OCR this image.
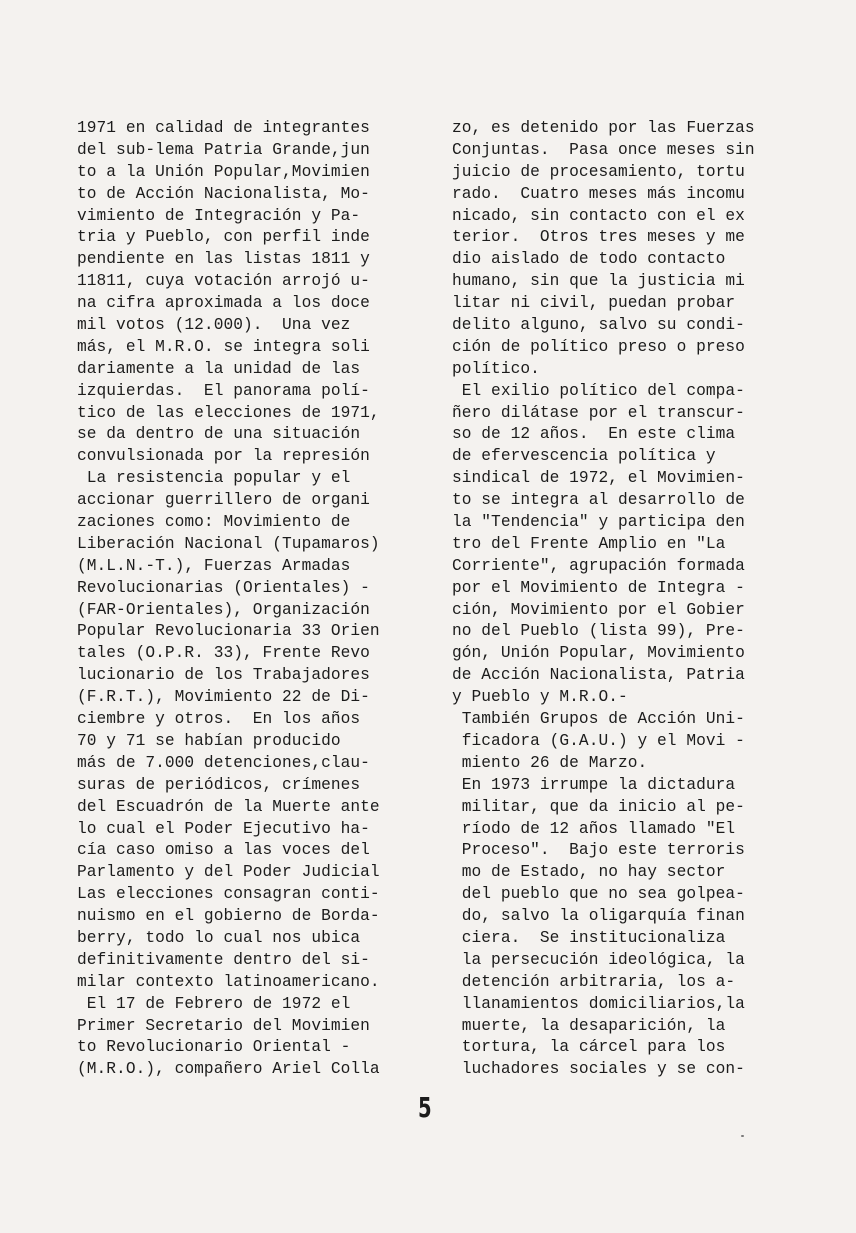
1971 en calidad de integrantes
del sub-lema Patria Grande,jun
to a la Unión Popular,Movimien
to de Acción Nacionalista, Mo-
vimiento de Integración y Pa-
tria y Pueblo, con perfil inde
pendiente en las listas 1811 y
11811, cuya votación arrojó u-
na cifra aproximada a los doce
mil votos (12.000).  Una vez
más, el M.R.O. se integra soli
dariamente a la unidad de las
izquierdas.  El panorama polí-
tico de las elecciones de 1971,
se da dentro de una situación
convulsionada por la represión
La resistencia popular y el
accionar guerrillero de organi
zaciones como: Movimiento de
Liberación Nacional (Tupamaros)
(M.L.N.-T.), Fuerzas Armadas
Revolucionarias (Orientales) -
(FAR-Orientales), Organización
Popular Revolucionaria 33 Orien
tales (O.P.R. 33), Frente Revo
lucionario de los Trabajadores
(F.R.T.), Movimiento 22 de Di-
ciembre y otros.  En los años
70 y 71 se habían producido
más de 7.000 detenciones,clau-
suras de periódicos, crímenes
del Escuadrón de la Muerte ante
lo cual el Poder Ejecutivo ha-
cía caso omiso a las voces del
Parlamento y del Poder Judicial
Las elecciones consagran conti-
nuismo en el gobierno de Borda-
berry, todo lo cual nos ubica
definitivamente dentro del si-
milar contexto latinoamericano.
El 17 de Febrero de 1972 el
Primer Secretario del Movimien
to Revolucionario Oriental -
(M.R.O.), compañero Ariel Colla
zo, es detenido por las Fuerzas
Conjuntas.  Pasa once meses sin
juicio de procesamiento, tortu
rado.  Cuatro meses más incomu
nicado, sin contacto con el ex
terior.  Otros tres meses y me
dio aislado de todo contacto
humano, sin que la justicia mi
litar ni civil, puedan probar
delito alguno, salvo su condi-
ción de político preso o preso
político.
El exilio político del compa-
ñero dilátase por el transcur-
so de 12 años.  En este clima
de efervescencia política y
sindical de 1972, el Movimien-
to se integra al desarrollo de
la "Tendencia" y participa den
tro del Frente Amplio en "La
Corriente", agrupación formada
por el Movimiento de Integra -
ción, Movimiento por el Gobier
no del Pueblo (lista 99), Pre-
gón, Unión Popular, Movimiento
de Acción Nacionalista, Patria
y Pueblo y M.R.O.-
También Grupos de Acción Uni-
ficadora (G.A.U.) y el Movi -
miento 26 de Marzo.
En 1973 irrumpe la dictadura
militar, que da inicio al pe-
ríodo de 12 años llamado "El
Proceso".  Bajo este terroris
mo de Estado, no hay sector
del pueblo que no sea golpea-
do, salvo la oligarquía finan
ciera.  Se institucionaliza
la persecución ideológica, la
detención arbitraria, los a-
llanamientos domiciliarios,la
muerte, la desaparición, la
tortura, la cárcel para los
luchadores sociales y se con-
5
